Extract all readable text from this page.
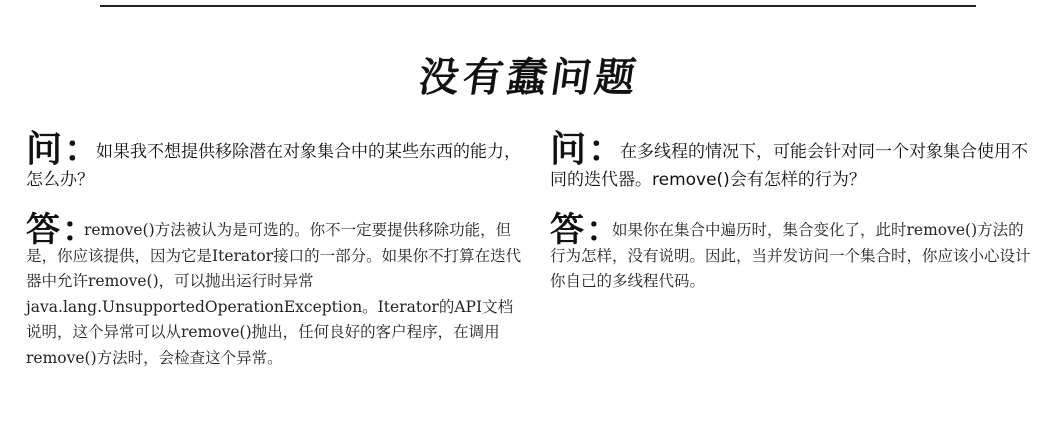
没有蠢问题
问：

如果我不想提供移除潜在对象集合中的某些东西的能力，怎么办？

答：

remove()方法被认为是可选的。你不一定要提供移除功能，但是，你应该提供，因为它是Iterator接口的一部分。如果你不打算在迭代器中允许remove()，可以抛出运行时异常java.lang.UnsupportedOperationException。Iterator的API文档说明，这个异常可以从remove()抛出，任何良好的客户程序，在调用remove()方法时，会检查这个异常。

问：

在多线程的情况下，可能会针对同一个对象集合使用不同的迭代器。remove()会有怎样的行为？

答：

如果你在集合中遍历时，集合变化了，此时remove()方法的行为怎样，没有说明。因此，当并发访问一个集合时，你应该小心设计你自己的多线程代码。
